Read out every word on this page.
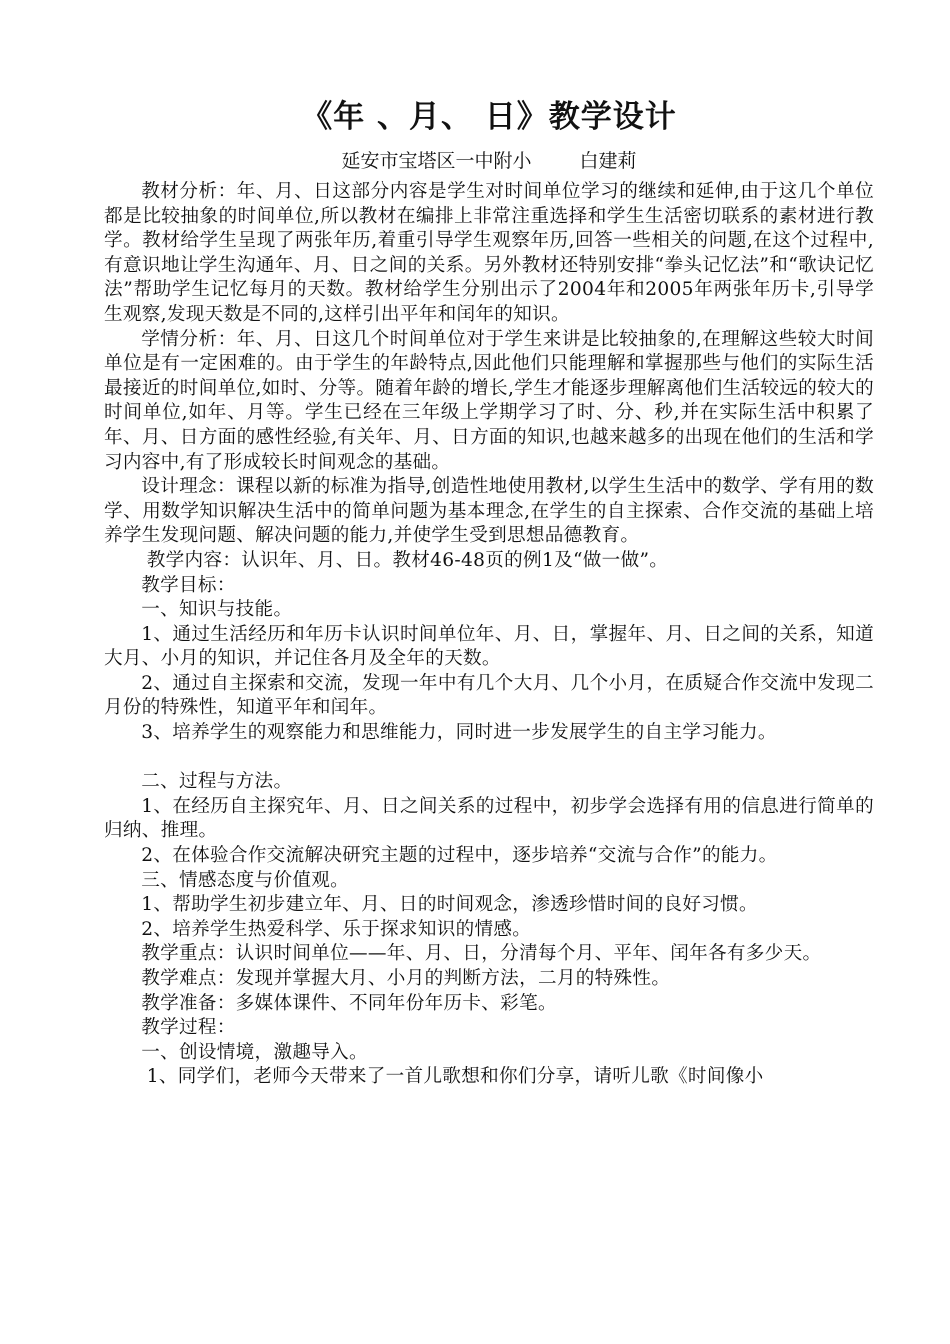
《年 、月、 日》教学设计
延安市宝塔区一中附小	白建莉

教材分析：年、月、日这部分内容是学生对时间单位学习的继续和延伸,由于这几个单位都是比较抽象的时间单位,所以教材在编排上非常注重选择和学生生活密切联系的素材进行教学。教材给学生呈现了两张年历,着重引导学生观察年历,回答一些相关的问题,在这个过程中,有意识地让学生沟通年、月、日之间的关系。另外教材还特别安排“拳头记忆法”和“歌诀记忆法”帮助学生记忆每月的天数。教材给学生分别出示了2004年和2005年两张年历卡,引导学生观察,发现天数是不同的,这样引出平年和闰年的知识。

学情分析：年、月、日这几个时间单位对于学生来讲是比较抽象的,在理解这些较大时间单位是有一定困难的。由于学生的年龄特点,因此他们只能理解和掌握那些与他们的实际生活最接近的时间单位,如时、分等。随着年龄的增长,学生才能逐步理解离他们生活较远的较大的时间单位,如年、月等。学生已经在三年级上学期学习了时、分、秒,并在实际生活中积累了年、月、日方面的感性经验,有关年、月、日方面的知识,也越来越多的出现在他们的生活和学习内容中,有了形成较长时间观念的基础。

设计理念：课程以新的标准为指导,创造性地使用教材,以学生生活中的数学、学有用的数学、用数学知识解决生活中的简单问题为基本理念,在学生的自主探索、合作交流的基础上培养学生发现问题、解决问题的能力,并使学生受到思想品德教育。

教学内容：认识年、月、日。教材46-48页的例1及“做一做”。

教学目标：

一、知识与技能。

1、通过生活经历和年历卡认识时间单位年、月、日，掌握年、月、日之间的关系，知道大月、小月的知识，并记住各月及全年的天数。

2、通过自主探索和交流，发现一年中有几个大月、几个小月，在质疑合作交流中发现二月份的特殊性，知道平年和闰年。

3、培养学生的观察能力和思维能力，同时进一步发展学生的自主学习能力。

二、过程与方法。

1、在经历自主探究年、月、日之间关系的过程中，初步学会选择有用的信息进行简单的归纳、推理。

2、在体验合作交流解决研究主题的过程中，逐步培养“交流与合作”的能力。

三、情感态度与价值观。

1、帮助学生初步建立年、月、日的时间观念，渗透珍惜时间的良好习惯。

2、培养学生热爱科学、乐于探求知识的情感。

教学重点：认识时间单位——年、月、日，分清每个月、平年、闰年各有多少天。

教学难点：发现并掌握大月、小月的判断方法，二月的特殊性。

教学准备：多媒体课件、不同年份年历卡、彩笔。

教学过程：

一、创设情境，激趣导入。

1、同学们，老师今天带来了一首儿歌想和你们分享，请听儿歌《时间像小
